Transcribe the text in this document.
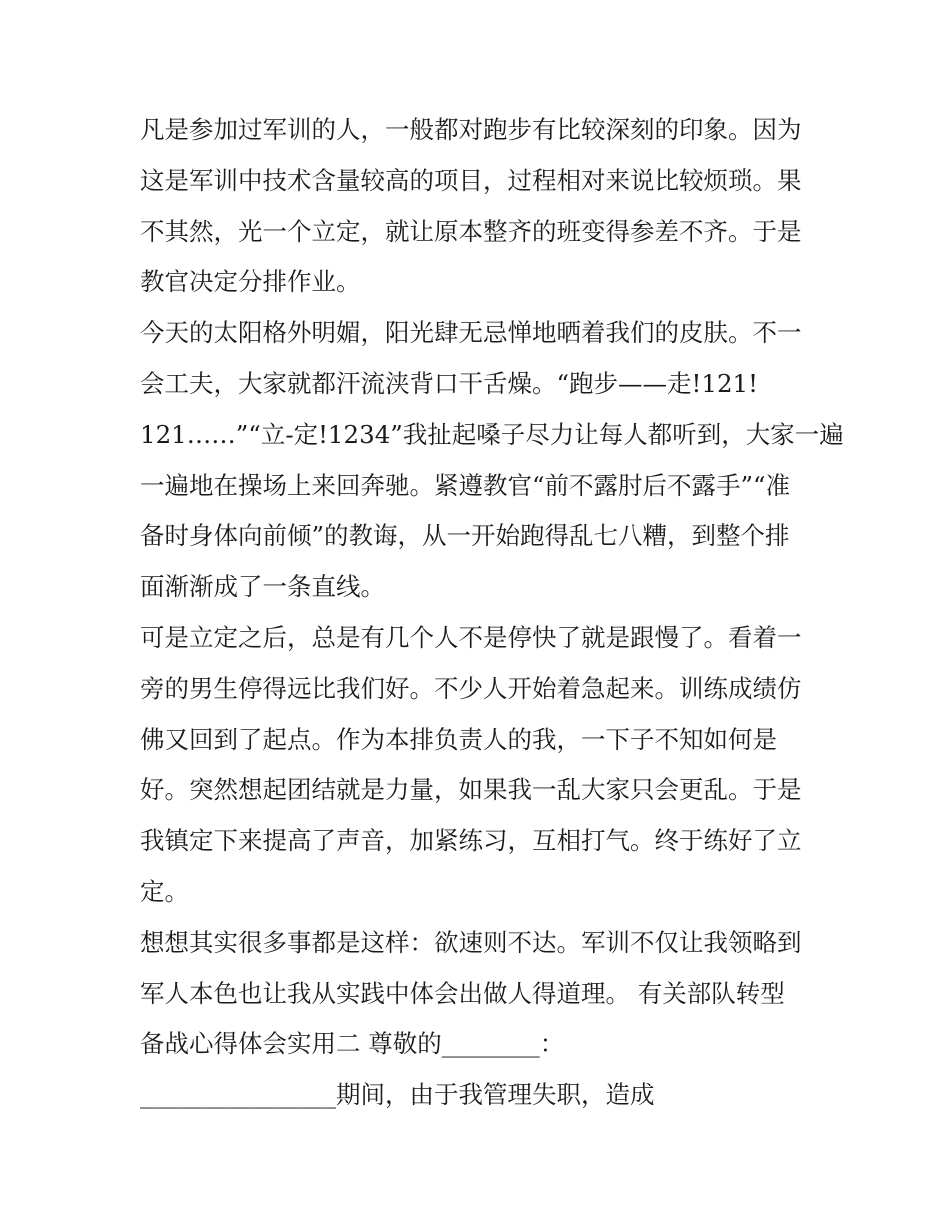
凡是参加过军训的人，一般都对跑步有比较深刻的印象。因为
这是军训中技术含量较高的项目，过程相对来说比较烦琐。果
不其然，光一个立定，就让原本整齐的班变得参差不齐。于是
教官决定分排作业。
今天的太阳格外明媚，阳光肆无忌惮地晒着我们的皮肤。不一
会工夫，大家就都汗流浃背口干舌燥。“跑步——走!121!
121……”“立-定!1234”我扯起嗓子尽力让每人都听到，大家一遍
一遍地在操场上来回奔驰。紧遵教官“前不露肘后不露手”“准
备时身体向前倾”的教诲，从一开始跑得乱七八糟，到整个排
面渐渐成了一条直线。
可是立定之后，总是有几个人不是停快了就是跟慢了。看着一
旁的男生停得远比我们好。不少人开始着急起来。训练成绩仿
佛又回到了起点。作为本排负责人的我，一下子不知如何是
好。突然想起团结就是力量，如果我一乱大家只会更乱。于是
我镇定下来提高了声音，加紧练习，互相打气。终于练好了立
定。
想想其实很多事都是这样：欲速则不达。军训不仅让我领略到
军人本色也让我从实践中体会出做人得道理。 有关部队转型
备战心得体会实用二 尊敬的________：
________________期间，由于我管理失职，造成
